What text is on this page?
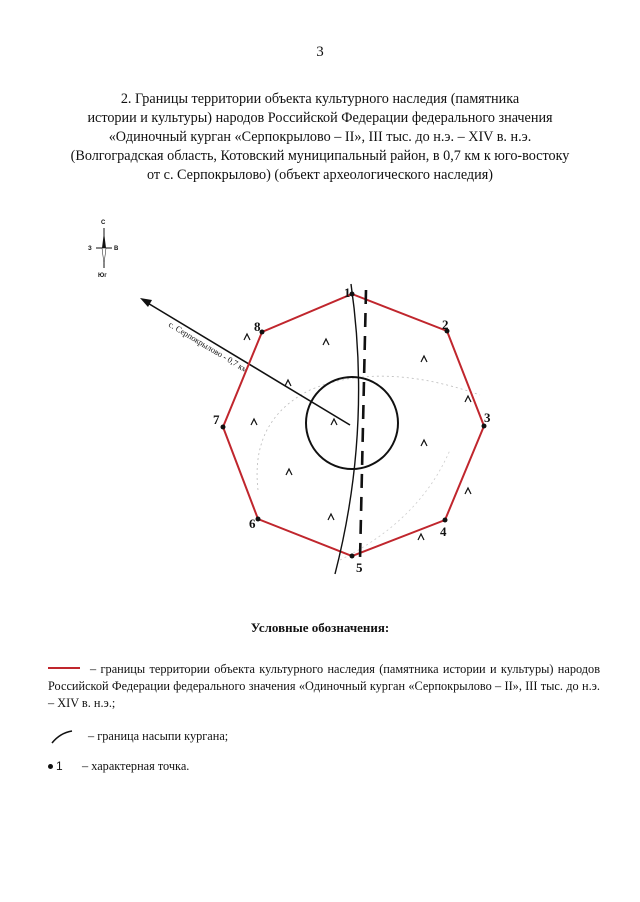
3
2. Границы территории объекта культурного наследия (памятника
истории и культуры) народов Российской Федерации федерального значения
«Одиночный курган «Серпокрылово – II», III тыс. до н.э. – XIV в. н.э.
(Волгоградская область, Котовский муниципальный район, в 0,7 км к юго-востоку
от с. Серпокрылово) (объект археологического наследия)
С
Юг
З	В
с. Серпокрылово - 0,7 км
1
2
3
4
5
6
7
8
Условные обозначения:
– границы территории объекта культурного наследия (памятника истории и культуры) народов Российской Федерации федерального значения «Одиночный курган «Серпокрылово – II», III тыс. до н.э. – XIV в. н.э.;
– граница насыпи кургана;
1 – характерная точка.
